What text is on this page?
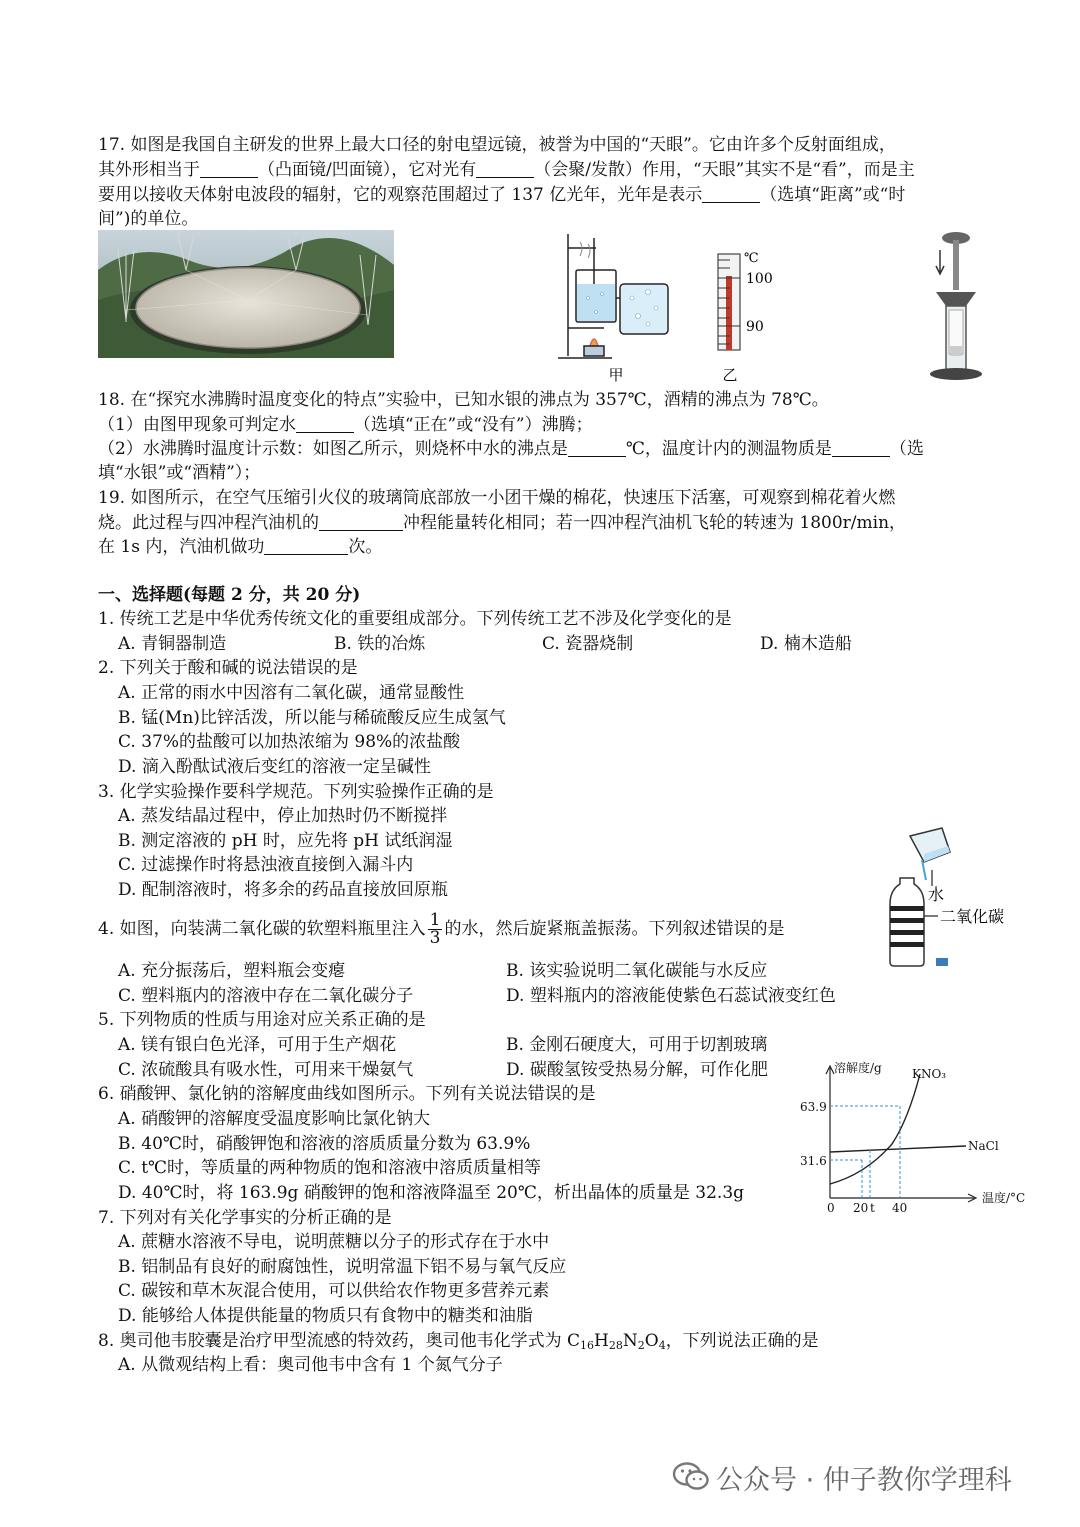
17. 如图是我国自主研发的世界上最大口径的射电望远镜，被誉为中国的“天眼”。它由许多个反射面组成，

其外形相当于	（凸面镜/凹面镜），它对光有	（会聚/发散）作用，“天眼”其实不是“看”，而是主

要用以接收天体射电波段的辐射，它的观察范围超过了 137 亿光年，光年是表示	（选填“距离”或“时

间”)的单位。

甲
℃
100
90
乙

18. 在“探究水沸腾时温度变化的特点”实验中，已知水银的沸点为 357℃，酒精的沸点为 78℃。

（1）由图甲现象可判定水	（选填“正在”或“没有”）沸腾；

（2）水沸腾时温度计示数：如图乙所示，则烧杯中水的沸点是	℃，温度计内的测温物质是	（选

填“水银”或“酒精”）；

19. 如图所示，在空气压缩引火仪的玻璃筒底部放一小团干燥的棉花，快速压下活塞，可观察到棉花着火燃

烧。此过程与四冲程汽油机的	冲程能量转化相同；若一四冲程汽油机飞轮的转速为 1800r/min，

在 1s 内，汽油机做功	次。

一、选择题(每题 2 分，共 20 分)

1. 传统工艺是中华优秀传统文化的重要组成部分。下列传统工艺不涉及化学变化的是

A. 青铜器制造	B. 铁的冶炼	C. 瓷器烧制	D. 楠木造船

2. 下列关于酸和碱的说法错误的是

A. 正常的雨水中因溶有二氧化碳，通常显酸性
B. 锰(Mn)比锌活泼，所以能与稀硫酸反应生成氢气
C. 37%的盐酸可以加热浓缩为 98%的浓盐酸
D. 滴入酚酞试液后变红的溶液一定呈碱性

3. 化学实验操作要科学规范。下列实验操作正确的是

A. 蒸发结晶过程中，停止加热时仍不断搅拌
B. 测定溶液的 pH 时，应先将 pH 试纸润湿
C. 过滤操作时将悬浊液直接倒入漏斗内
D. 配制溶液时，将多余的药品直接放回原瓶	水
二氧化碳
4. 如图，向装满二氧化碳的软塑料瓶里注入 $\frac{1}{3}$ 的水，然后旋紧瓶盖振荡。下列叙述错误的是
A. 充分振荡后，塑料瓶会变瘪	B. 该实验说明二氧化碳能与水反应
C. 塑料瓶内的溶液中存在二氧化碳分子	D. 塑料瓶内的溶液能使紫色石蕊试液变红色

5. 下列物质的性质与用途对应关系正确的是

A. 镁有银白色光泽，可用于生产烟花	B. 金刚石硬度大，可用于切割玻璃
C. 浓硫酸具有吸水性，可用来干燥氨气	D. 碳酸氢铵受热易分解，可作化肥	溶解度/g	KNO₃
NaCl
63.9
31.6
0 20 t 40
温度/°C

6. 硝酸钾、氯化钠的溶解度曲线如图所示。下列有关说法错误的是

A. 硝酸钾的溶解度受温度影响比氯化钠大
B. 40℃时，硝酸钾饱和溶液的溶质质量分数为 63.9%
C. t℃时，等质量的两种物质的饱和溶液中溶质质量相等
D. 40℃时，将 163.9g 硝酸钾的饱和溶液降温至 20℃，析出晶体的质量是 32.3g

7. 下列对有关化学事实的分析正确的是

A. 蔗糖水溶液不导电，说明蔗糖以分子的形式存在于水中
B. 铝制品有良好的耐腐蚀性，说明常温下铝不易与氧气反应
C. 碳铵和草木灰混合使用，可以供给农作物更多营养元素
D. 能够给人体提供能量的物质只有食物中的糖类和油脂
8. 奥司他韦胶囊是治疗甲型流感的特效药，奥司他韦化学式为 $C_{16}H_{28}N_2O_4$，下列说法正确的是
A. 从微观结构上看：奥司他韦中含有 1 个氮气分子
公众号 · 仲子教你学理科
